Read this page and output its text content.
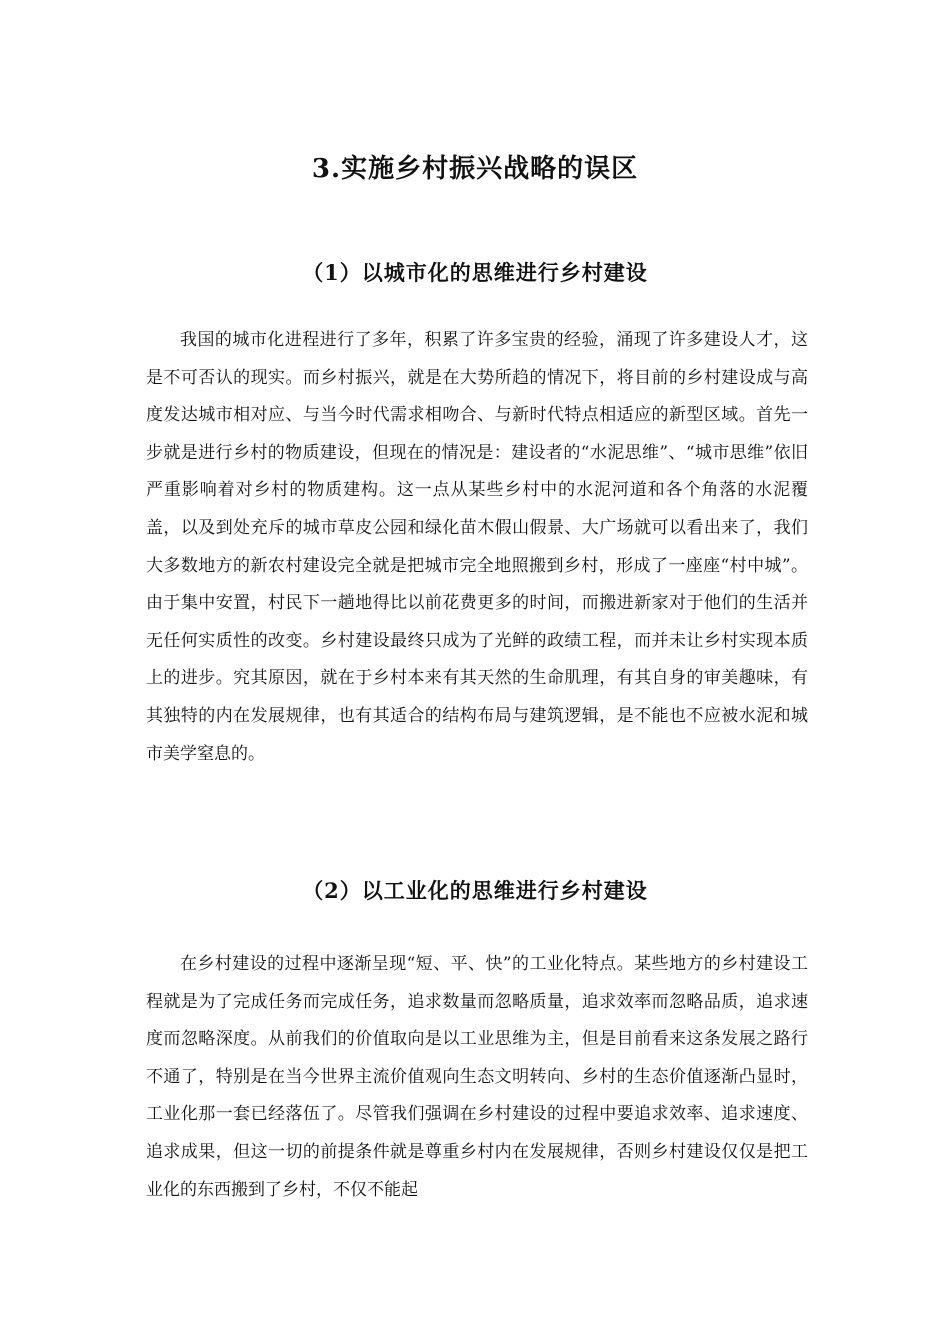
3.实施乡村振兴战略的误区
（1）以城市化的思维进行乡村建设

我国的城市化进程进行了多年，积累了许多宝贵的经验，涌现了许多建设人才，这是不可否认的现实。而乡村振兴，就是在大势所趋的情况下，将目前的乡村建设成与高度发达城市相对应、与当今时代需求相吻合、与新时代特点相适应的新型区域。首先一步就是进行乡村的物质建设，但现在的情况是：建设者的“水泥思维”、“城市思维”依旧严重影响着对乡村的物质建构。这一点从某些乡村中的水泥河道和各个角落的水泥覆盖，以及到处充斥的城市草皮公园和绿化苗木假山假景、大广场就可以看出来了，我们大多数地方的新农村建设完全就是把城市完全地照搬到乡村，形成了一座座“村中城”。由于集中安置，村民下一趟地得比以前花费更多的时间，而搬进新家对于他们的生活并无任何实质性的改变。乡村建设最终只成为了光鲜的政绩工程，而并未让乡村实现本质上的进步。究其原因，就在于乡村本来有其天然的生命肌理，有其自身的审美趣味，有其独特的内在发展规律，也有其适合的结构布局与建筑逻辑，是不能也不应被水泥和城市美学窒息的。

（2）以工业化的思维进行乡村建设

在乡村建设的过程中逐渐呈现“短、平、快”的工业化特点。某些地方的乡村建设工程就是为了完成任务而完成任务，追求数量而忽略质量，追求效率而忽略品质，追求速度而忽略深度。从前我们的价值取向是以工业思维为主，但是目前看来这条发展之路行不通了，特别是在当今世界主流价值观向生态文明转向、乡村的生态价值逐渐凸显时，工业化那一套已经落伍了。尽管我们强调在乡村建设的过程中要追求效率、追求速度、追求成果，但这一切的前提条件就是尊重乡村内在发展规律，否则乡村建设仅仅是把工业化的东西搬到了乡村，不仅不能起
